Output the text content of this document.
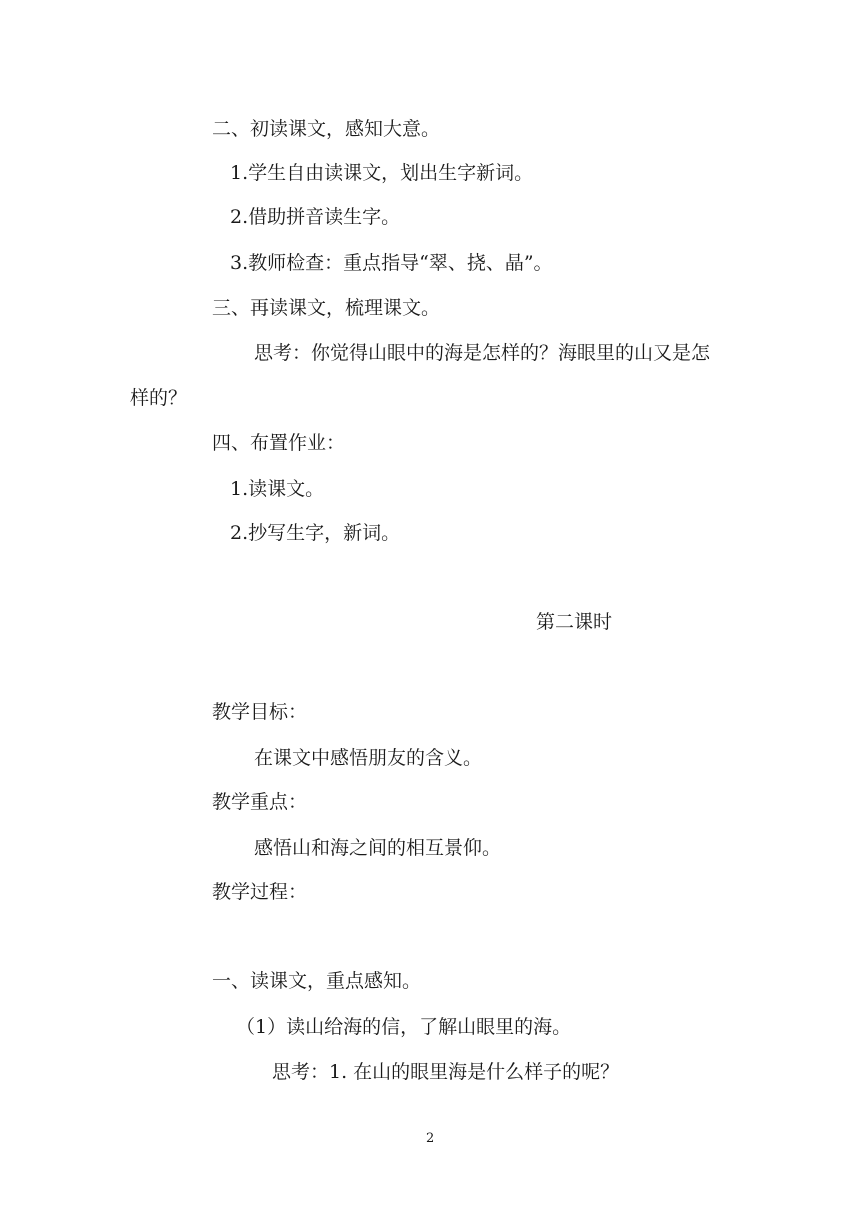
二、初读课文，感知大意。
1.学生自由读课文，划出生字新词。
2.借助拼音读生字。
3.教师检查：重点指导“翠、挠、晶”。
三、再读课文，梳理课文。
思考：你觉得山眼中的海是怎样的？海眼里的山又是怎
样的？
四、布置作业：
1.读课文。
2.抄写生字，新词。
第二课时
教学目标：
在课文中感悟朋友的含义。
教学重点：
感悟山和海之间的相互景仰。
教学过程：
一、读课文，重点感知。
（1）读山给海的信，了解山眼里的海。
思考：1. 在山的眼里海是什么样子的呢？
2
